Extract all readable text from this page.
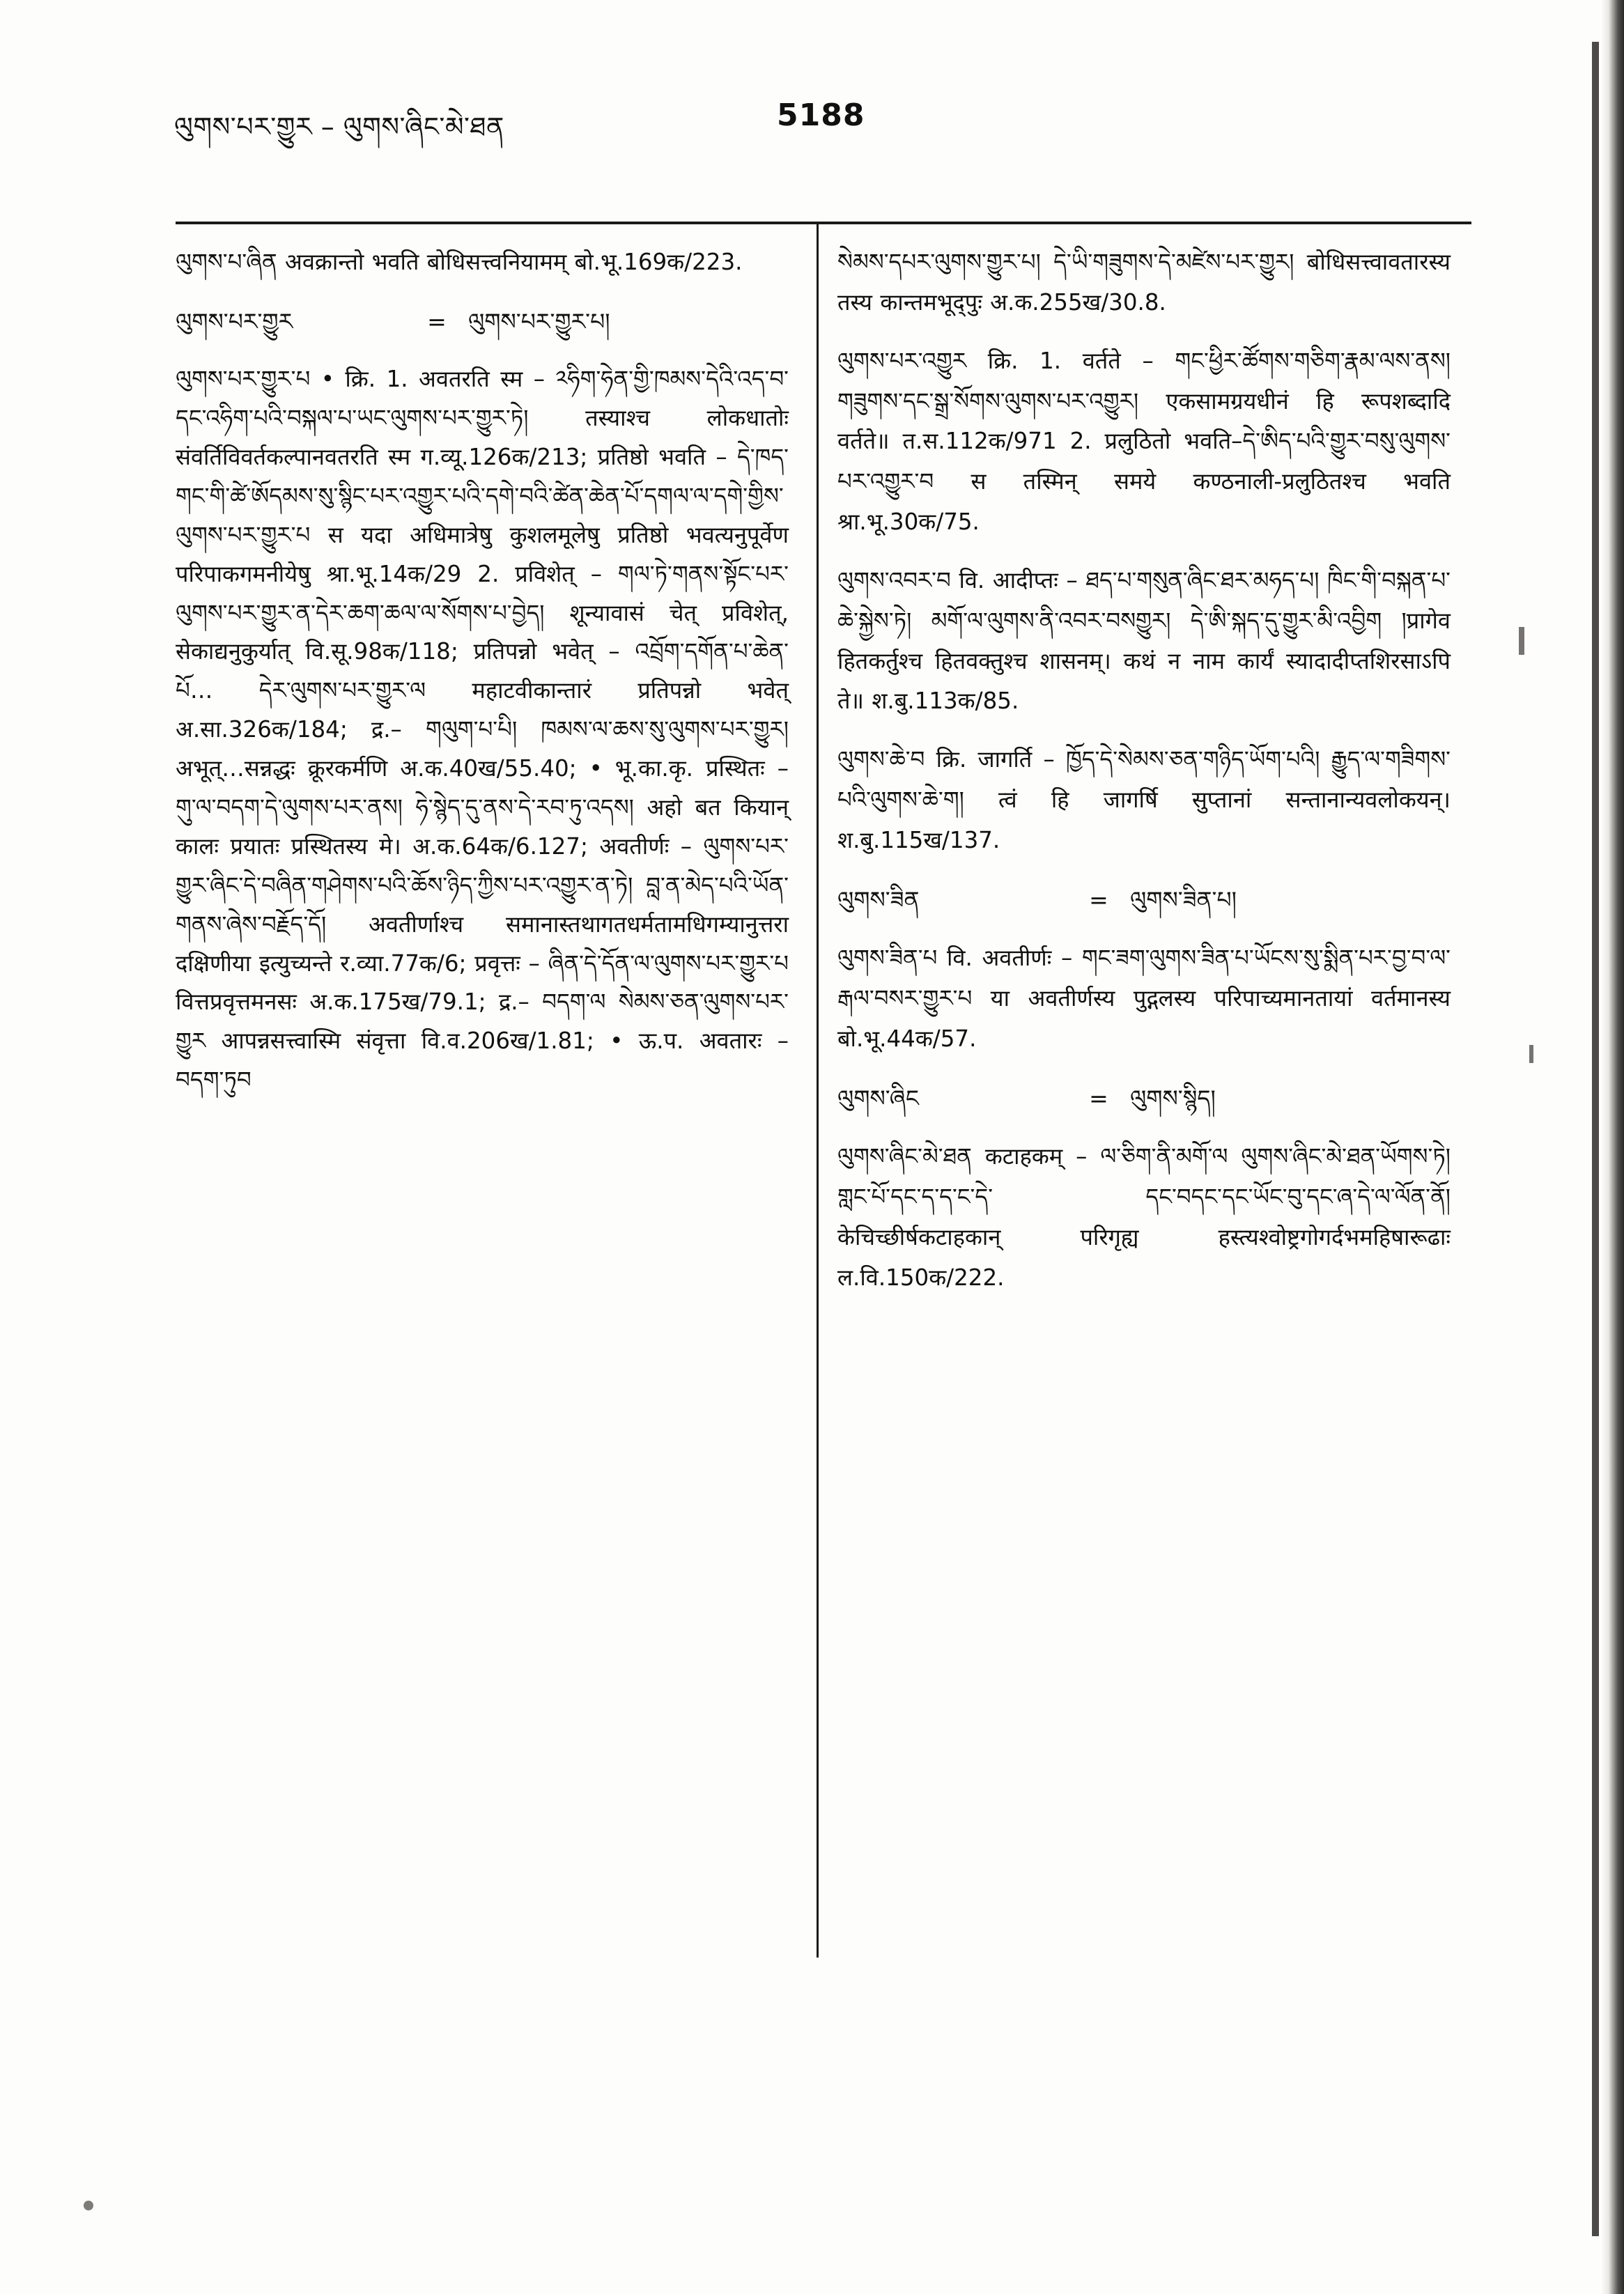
ལུགས་པར་གྱུར – ལུགས་ཞིང་མེ་ཐན	5188
ལུགས་པ་ཞིན अवक्रान्तो भवति बोधिसत्त्वनियामम् बो.भू.169क/223.
ལུགས་པར་གྱུར	= ལུགས་པར་གྱུར་པ།
ལུགས་པར་གྱུར་པ • क्रि. 1. अवतरति स्म – ༢ཧིག་ཧེན་གྱི་ཁམས་དེའི་འད་བ་དང་འཧིག་པའི་བསྐལ་པ་ཡང་ལུགས་པར་གྱུར་ཏེ། तस्याश्च लोकधातोः संवर्तिविवर्तकल्पानवतरति स्म ग.व्यू.126क/213; प्रतिष्ठो भवति – དེ་ཁད་གང་གི་ཚེ་ཨོདམས་སུ་སྙིང་པར་འགྱུར་པའི་དགེ་བའི་ཚེན་ཆེན་པོ་དགལ་ལ་དགེ་གྱིས་ལུགས་པར་གྱུར་པ स यदा अधिमात्रेषु कुशलमूलेषु प्रतिष्ठो भवत्यनुपूर्वेण परिपाकगमनीयेषु श्रा.भू.14क/29 2. प्रविशेत् – གལ་ཏེ་གནས་སྟོང་པར་ལུགས་པར་གྱུར་ན་དེར་ཆག་ཆལ་ལ་སོགས་པ་བྱེད། शून्यावासं चेत् प्रविशेत्, सेकाद्यनुकुर्यात् वि.सू.98क/118; प्रतिपन्नो भवेत् – འབྲོག་དགོན་པ་ཆེན་པོ… དེར་ལུགས་པར་གྱུར་ལ महाटवीकान्तारं प्रतिपन्नो भवेत् अ.सा.326क/184; द्र.– གལུག་པ་པི། ཁམས་ལ་ཆས་སུ་ལུགས་པར་གྱུར། अभूत्…सन्नद्धः क्रूरकर्मणि अ.क.40ख/55.40; • भू.का.कृ. प्रस्थितः – གུ་ལ་བདག་དེ་ལུགས་པར་ནས། ཧེ་སྙེད་དུ་ནས་དེ་རབ་ཏུ་འདས། अहो बत कियान् कालः प्रयातः प्रस्थितस्य मे। अ.क.64क/6.127; अवतीर्णः – ལུགས་པར་གྱུར་ཞིང་དེ་བཞིན་གཤེགས་པའི་ཆོས་ཉིད་ཀྱིས་པར་འགྱུར་ན་ཏེ། བླ་ན་མེད་པའི་ཡོན་གནས་ཞེས་བརྗོད་དོ། अवतीर्णाश्च समानास्तथागतधर्मतामधिगम्यानुत्तरा दक्षिणीया इत्युच्यन्ते र.व्या.77क/6; प्रवृत्तः – ཞིན་དེ་དོན་ལ་ལུགས་པར་གྱུར་པ वित्तप्रवृत्तमनसः अ.क.175ख/79.1; द्र.– བདག་ལ སེམས་ཅན་ལུགས་པར་གྱུར आपन्नसत्त्वास्मि संवृत्ता वि.व.206ख/1.81; • ऊ.प. अवतारः – བདག་ཏུབ
སེམས་དཔར་ལུགས་གྱུར་པ། དེ་ཡི་གཟུགས་དེ་མཛེས་པར་གྱུར། बोधिसत्त्वावतारस्य तस्य कान्तमभूद्पुः अ.क.255ख/30.8.
ལུགས་པར་འགྱུར क्रि. 1. वर्तते – གང་ཕྱིར་ཚོགས་གཅིག་རྣམ་ལས་ནས། གཟུགས་དང་སྒྲ་སོགས་ལུགས་པར་འགྱུར། एकसामग्रयधीनं हि रूपशब्दादि वर्तते॥ त.स.112क/971 2. प्रलुठितो भवति–དེ་ཨིད་པའི་གྱུར་བསུ་ལུགས་པར་འགྱུར་བ स तस्मिन् समये कण्ठनाली-प्रलुठितश्च भवति श्रा.भू.30क/75.
ལུགས་འབར་བ वि. आदीप्तः – ཐད་པ་གསུན་ཞིང་ཐར་མཧད་པ། ཁིང་གི་བསྐན་པ་ཆེ་སྐྱེས་ཏེ། མགོ་ལ་ལུགས་ནི་འབར་བསགྱུར། དེ་ཨི་སྐད་དུ་གྱུར་མི་འབྱིག །प्रागेव हितकर्तुश्च हितवक्तुश्च शासनम्। कथं न नाम कार्यं स्यादादीप्तशिरसाऽपि ते॥ श.बु.113क/85.
ལུགས་ཆེ་བ क्रि. जागर्ति – ཁྱོད་དེ་སེམས་ཅན་གཉིད་ཡོག་པའི། རྒྱུད་ལ་གཟིགས་པའི་ལུགས་ཆེ་ག། त्वं हि जागर्षि सुप्तानां सन्तानान्यवलोकयन्। श.बु.115ख/137.
ལུགས་ཟིན	= ལུགས་ཟིན་པ།
ལུགས་ཟིན་པ वि. अवतीर्णः – གང་ཟག་ལུགས་ཟིན་པ་ཡོངས་སུ་སྨིན་པར་བྱ་བ་ལ་རྒལ་བསར་གྱུར་པ या अवतीर्णस्य पुद्गलस्य परिपाच्यमानतायां वर्तमानस्य बो.भू.44क/57.
ལུགས་ཞིང	= ལུགས་སྙིད།
ལུགས་ཞིང་མེ་ཐན कटाहकम् – ལ་ཅིག་ནི་མགོ་ལ ལུགས་ཞིང་མེ་ཐན་ཡོགས་ཏེ། གླང་པོ་དང་ད་ད་ང་དེ་ དང་བདང་དང་ཡོང་བུ་དང་ཞ་དེ་ལ་ལོན་ནོ། केचिच्छीर्षकटाहकान् परिगृह्य हस्त्यश्वोष्ट्रगोगर्दभमहिषारूढाः ल.वि.150क/222.
